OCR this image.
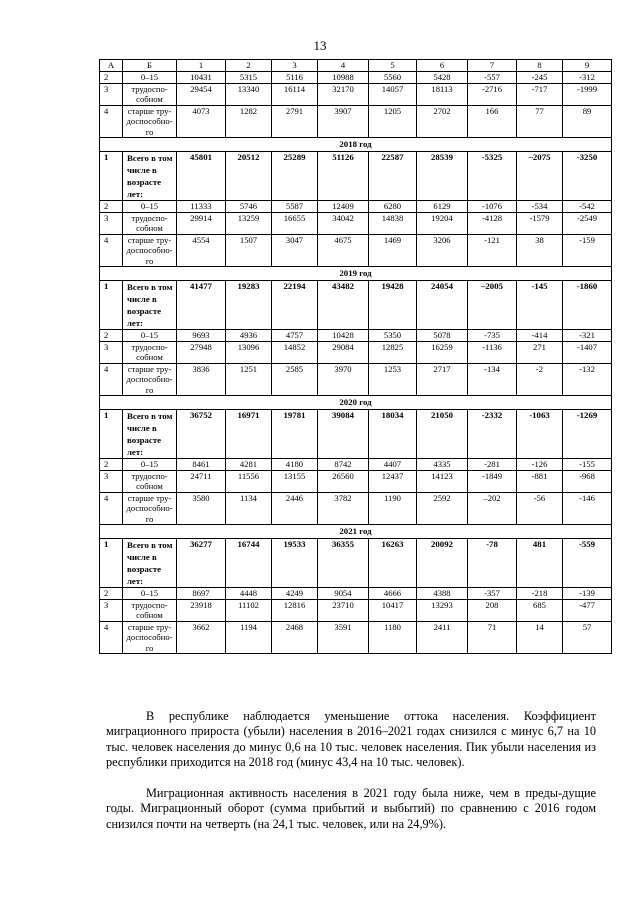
13
А	Б	1	2	3	4	5	6	7	8	9
2	0–15	10431	5315	5116	10988	5560	5428	-557	-245	-312
3	трудоспо-собном	29454	13340	16114	32170	14057	18113	-2716	-717	-1999
4	старше тру-доспособно-го	4073	1282	2791	3907	1205	2702	166	77	89
2018 год										
1	Всего в том числе в возрасте лет:	45801	20512	25289	51126	22587	28539	-5325	–2075	-3250
2	0–15	11333	5746	5587	12409	6280	6129	-1076	-534	-542
3	трудоспо-собном	29914	13259	16655	34042	14838	19204	-4128	-1579	-2549
4	старше тру-доспособно-го	4554	1507	3047	4675	1469	3206	-121	38	-159
2019 год										
1	Всего в том числе в возрасте лет:	41477	19283	22194	43482	19428	24054	–2005	-145	-1860
2	0–15	9693	4936	4757	10428	5350	5078	-735	-414	-321
3	трудоспо-собном	27948	13096	14852	29084	12825	16259	-1136	271	-1407
4	старше тру-доспособно-го	3836	1251	2585	3970	1253	2717	-134	-2	-132
2020 год										
1	Всего в том числе в возрасте лет:	36752	16971	19781	39084	18034	21050	-2332	-1063	-1269
2	0–15	8461	4281	4180	8742	4407	4335	-281	-126	-155
3	трудоспо-собном	24711	11556	13155	26560	12437	14123	-1849	-881	-968
4	старше тру-доспособно-го	3580	1134	2446	3782	1190	2592	–202	-56	-146
2021 год										
1	Всего в том числе в возрасте лет:	36277	16744	19533	36355	16263	20092	-78	481	-559
2	0–15	8697	4448	4249	9054	4666	4388	-357	-218	-139
3	трудоспо-собном	23918	11102	12816	23710	10417	13293	208	685	-477
4	старше тру-доспособно-го	3662	1194	2468	3591	1180	2411	71	14	57

В республике наблюдается уменьшение оттока населения. Коэффициент миграционного прироста (убыли) населения в 2016–2021 годах снизился с минус 6,7 на 10 тыс. человек населения до минус 0,6 на 10 тыс. человек населения. Пик убыли населения из республики приходится на 2018 год (минус 43,4 на 10 тыс. человек).

Миграционная активность населения в 2021 году была ниже, чем в преды-дущие годы. Миграционный оборот (сумма прибытий и выбытий) по сравнению с 2016 годом снизился почти на четверть (на 24,1 тыс. человек, или на 24,9%).
